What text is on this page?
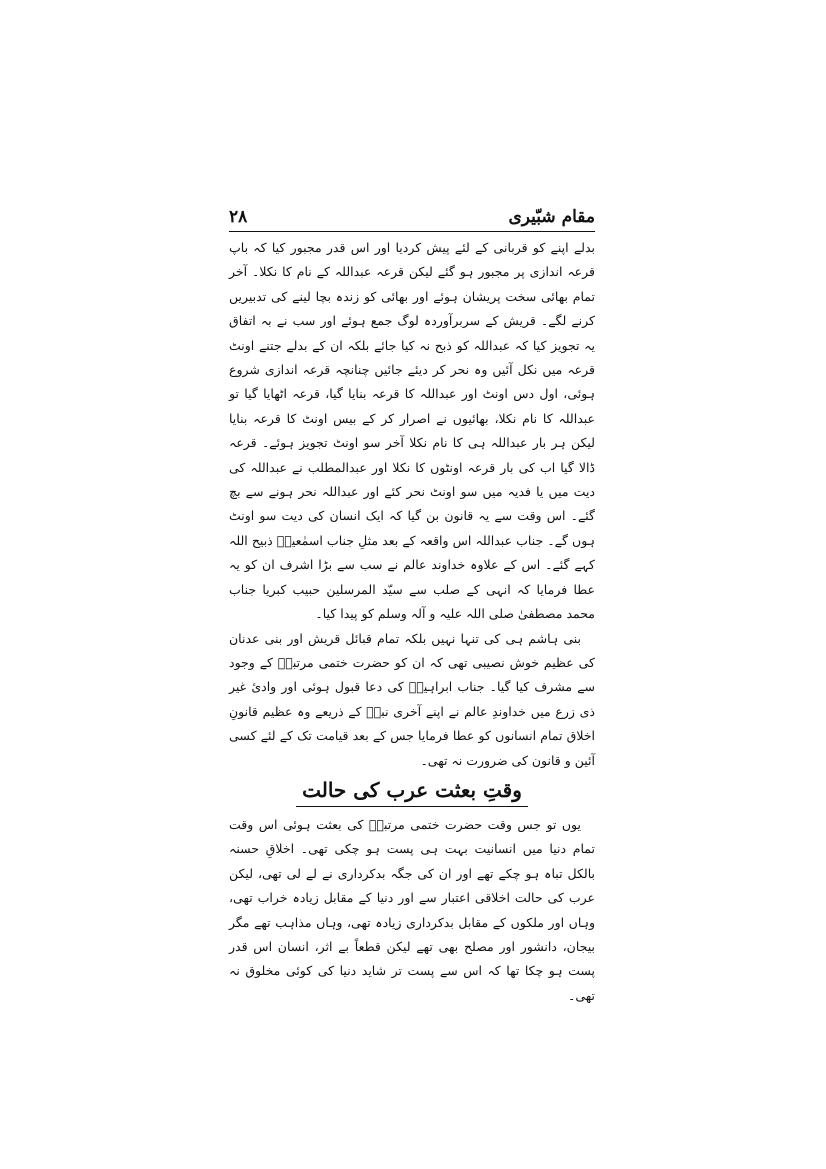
مقام شبّیری
۲۸

بدلے اپنے کو قربانی کے لئے پیش کردیا اور اس قدر مجبور کیا کہ باپ قرعہ اندازی پر مجبور ہو گئے لیکن قرعہ عبداللہ کے نام کا نکلا۔ آخر تمام بھائی سخت پریشان ہوئے اور بھائی کو زندہ بچا لینے کی تدبیریں کرنے لگے۔ قریش کے سربرآوردہ لوگ جمع ہوئے اور سب نے بہ اتفاق یہ تجویز کیا کہ عبداللہ کو ذبح نہ کیا جائے بلکہ ان کے بدلے جتنے اونٹ قرعہ میں نکل آئیں وہ نحر کر دیئے جائیں چنانچہ قرعہ اندازی شروع ہوئی، اول دس اونٹ اور عبداللہ کا قرعہ بنایا گیا، قرعہ اٹھایا گیا تو عبداللہ کا نام نکلا، بھائیوں نے اصرار کر کے بیس اونٹ کا قرعہ بنایا لیکن ہر بار عبداللہ ہی کا نام نکلا آخر سو اونٹ تجویز ہوئے۔ قرعہ ڈالا گیا اب کی بار قرعہ اونٹوں کا نکلا اور عبدالمطلب نے عبداللہ کی دیت میں یا فدیہ میں سو اونٹ نحر کئے اور عبداللہ نحر ہونے سے بچ گئے۔ اس وقت سے یہ قانون بن گیا کہ ایک انسان کی دیت سو اونٹ ہوں گے۔ جناب عبداللہ اس واقعہ کے بعد مثلِ جناب اسمٰعیلؑ ذبیح اللہ کہے گئے۔ اس کے علاوہ خداوند عالم نے سب سے بڑا اشرف ان کو یہ عطا فرمایا کہ انہی کے صلب سے سیّد المرسلین حبیب کبریا جناب محمد مصطفیٰ صلی اللہ علیہ و آلہ وسلم کو پیدا کیا۔

بنی ہاشم ہی کی تنہا نہیں بلکہ تمام قبائل قریش اور بنی عدنان کی عظیم خوش نصیبی تھی کہ ان کو حضرت ختمی مرتبتؐ کے وجود سے مشرف کیا گیا۔ جناب ابراہیمؑ کی دعا قبول ہوئی اور وادیٔ غیر ذی زرع میں خداوندِ عالم نے اپنے آخری نبیؐ کے ذریعے وہ عظیم قانونِ اخلاق تمام انسانوں کو عطا فرمایا جس کے بعد قیامت تک کے لئے کسی آئین و قانون کی ضرورت نہ تھی۔

وقتِ بعثت عرب کی حالت

یوں تو جس وقت حضرت ختمی مرتبتؐ کی بعثت ہوئی اس وقت تمام دنیا میں انسانیت بہت ہی پست ہو چکی تھی۔ اخلاقِ حسنہ بالکل تباہ ہو چکے تھے اور ان کی جگہ بدکرداری نے لے لی تھی، لیکن عرب کی حالت اخلاقی اعتبار سے اور دنیا کے مقابل زیادہ خراب تھی، وہاں اور ملکوں کے مقابل بدکرداری زیادہ تھی، وہاں مذاہب تھے مگر بیجان، دانشور اور مصلح بھی تھے لیکن قطعاً بے اثر، انسان اس قدر پست ہو چکا تھا کہ اس سے پست تر شاید دنیا کی کوئی مخلوق نہ تھی۔
